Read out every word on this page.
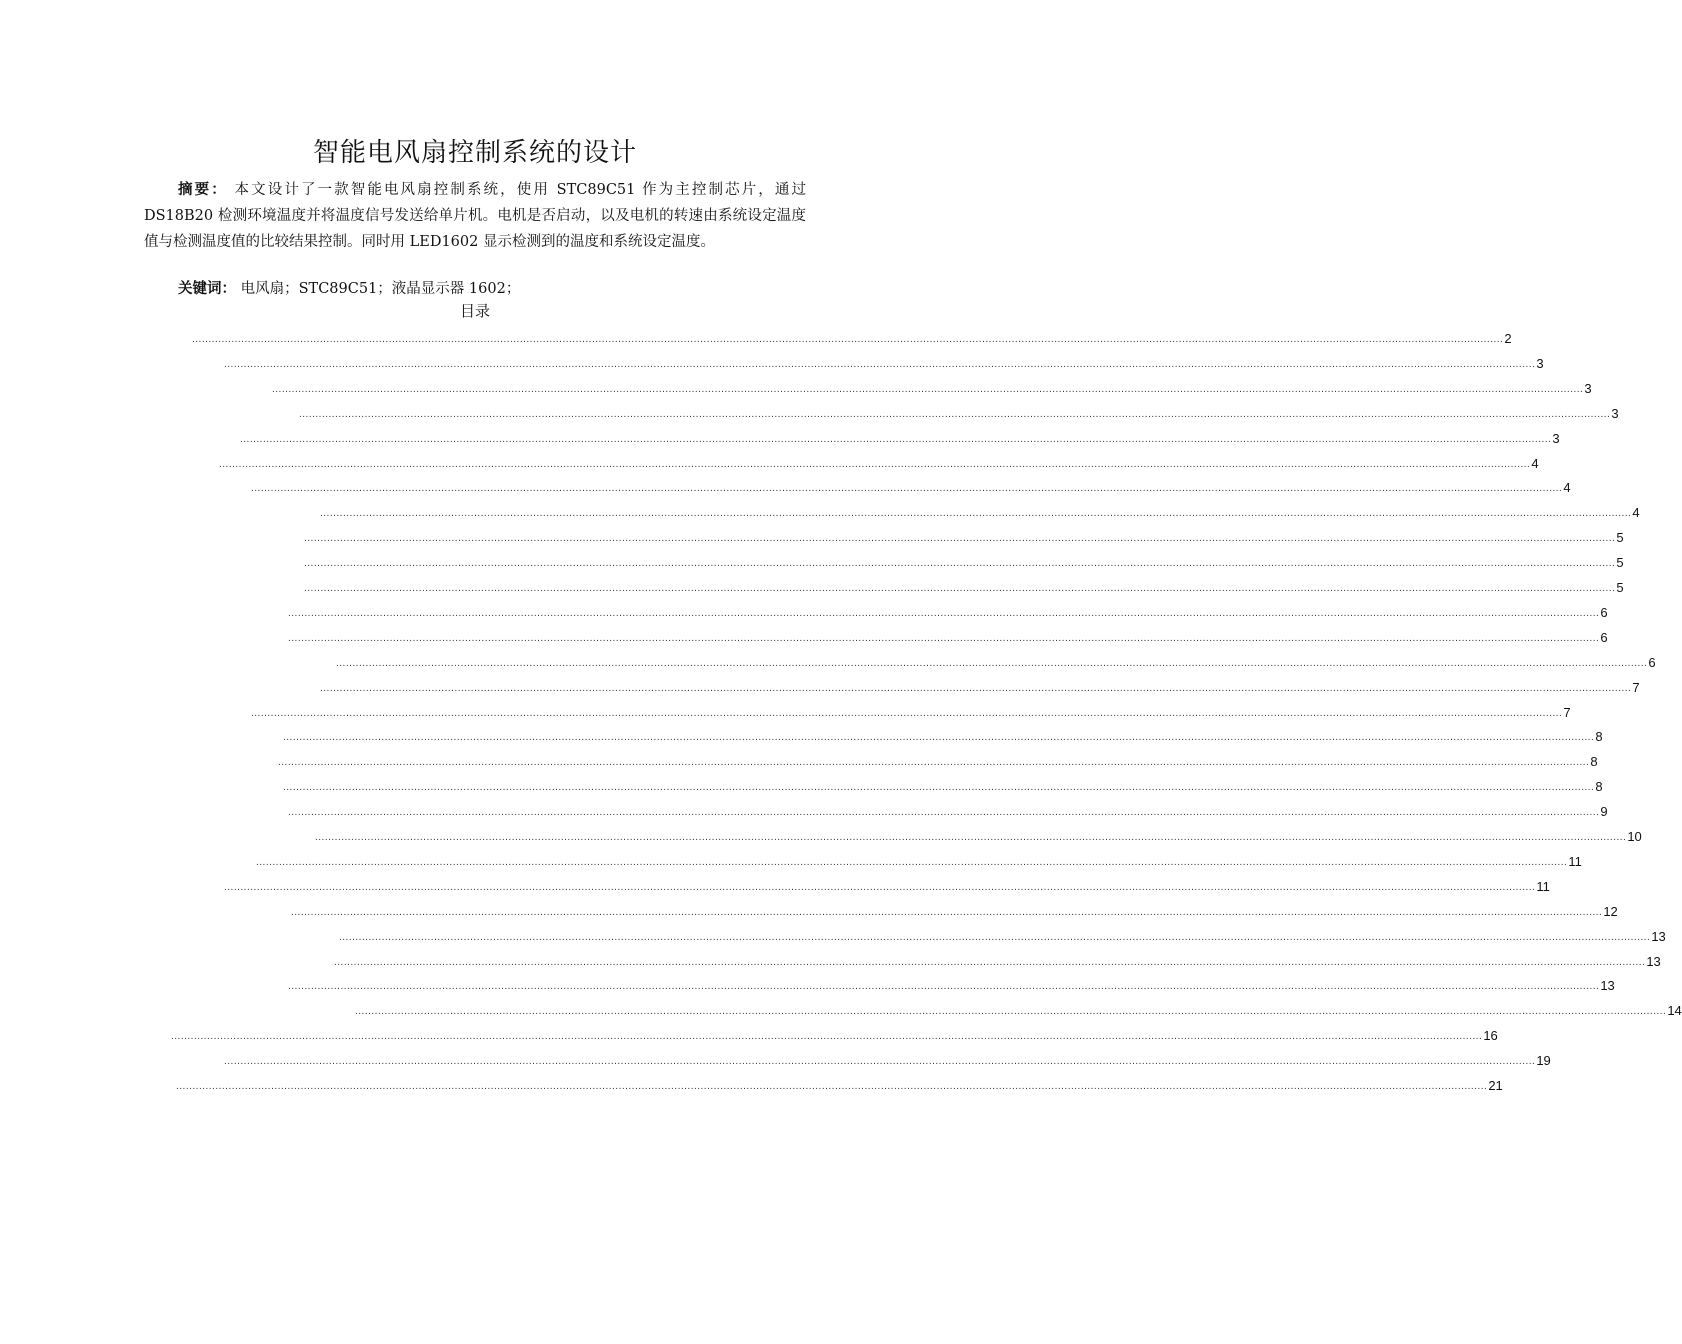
智能电风扇控制系统的设计
摘要： 本文设计了一款智能电风扇控制系统，使用 STC89C51 作为主控制芯片，通过 DS18B20 检测环境温度并将温度信号发送给单片机。电机是否启动，以及电机的转速由系统设定温度值与检测温度值的比较结果控制。同时用 LED1602 显示检测到的温度和系统设定温度。
关键词： 电风扇；STC89C51；液晶显示器 1602；
目录
................................................................................................................................................................................................................................................................................................................................................................................................................ 2
................................................................................................................................................................................................................................................................................................................................................................................................................ 3
................................................................................................................................................................................................................................................................................................................................................................................................................ 3
................................................................................................................................................................................................................................................................................................................................................................................................................ 3
................................................................................................................................................................................................................................................................................................................................................................................................................ 3
................................................................................................................................................................................................................................................................................................................................................................................................................ 4
................................................................................................................................................................................................................................................................................................................................................................................................................ 4
................................................................................................................................................................................................................................................................................................................................................................................................................ 4
................................................................................................................................................................................................................................................................................................................................................................................................................ 5
................................................................................................................................................................................................................................................................................................................................................................................................................ 5
................................................................................................................................................................................................................................................................................................................................................................................................................ 5
................................................................................................................................................................................................................................................................................................................................................................................................................ 6
................................................................................................................................................................................................................................................................................................................................................................................................................ 6
................................................................................................................................................................................................................................................................................................................................................................................................................ 6
................................................................................................................................................................................................................................................................................................................................................................................................................ 7
................................................................................................................................................................................................................................................................................................................................................................................................................ 7
................................................................................................................................................................................................................................................................................................................................................................................................................ 8
................................................................................................................................................................................................................................................................................................................................................................................................................ 8
................................................................................................................................................................................................................................................................................................................................................................................................................ 8
................................................................................................................................................................................................................................................................................................................................................................................................................ 9
................................................................................................................................................................................................................................................................................................................................................................................................................ 10
................................................................................................................................................................................................................................................................................................................................................................................................................ 11
................................................................................................................................................................................................................................................................................................................................................................................................................ 11
................................................................................................................................................................................................................................................................................................................................................................................................................ 12
................................................................................................................................................................................................................................................................................................................................................................................................................ 13
................................................................................................................................................................................................................................................................................................................................................................................................................ 13
................................................................................................................................................................................................................................................................................................................................................................................................................ 13
................................................................................................................................................................................................................................................................................................................................................................................................................ 14
................................................................................................................................................................................................................................................................................................................................................................................................................ 16
................................................................................................................................................................................................................................................................................................................................................................................................................ 19
................................................................................................................................................................................................................................................................................................................................................................................................................ 21
